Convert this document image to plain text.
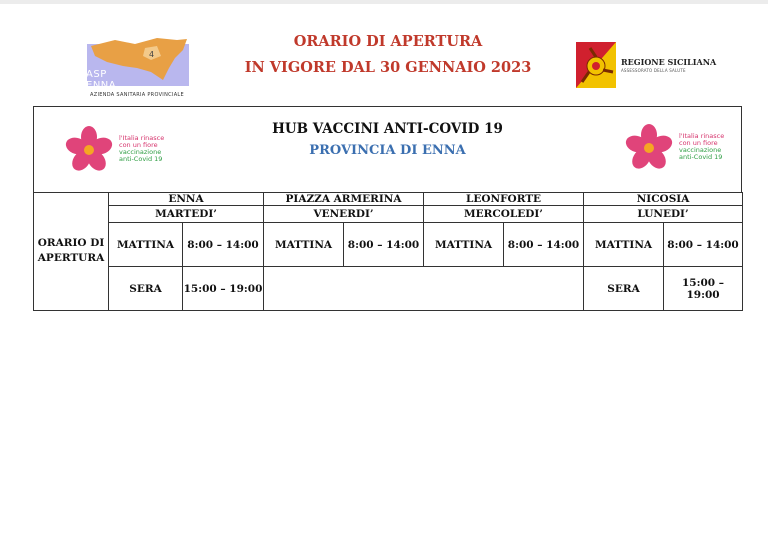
4
ASP
ENNA
AZIENDA SANITARIA PROVINCIALE
ORARIO DI APERTURA
IN VIGORE DAL 30 GENNAIO 2023	REGIONE SICILIANA
ASSESSORATO DELLA SALUTE
HUB VACCINI ANTI-COVID 19
PROVINCIA DI ENNA
l'Italia rinasce
con un fiore
vaccinazione
anti-Covid 19
l'Italia rinasce
con un fiore
vaccinazione
anti-Covid 19
ORARIO DI APERTURA	ENNA		PIAZZA ARMERINA		LEONFORTE		NICOSIA	
	MARTEDI’		VENERDI’		MERCOLEDI’		LUNEDI’	
	MATTINA	8:00 – 14:00	MATTINA	8:00 – 14:00	MATTINA	8:00 – 14:00	MATTINA	8:00 – 14:00
	SERA	15:00 – 19:00					SERA	15:00 – 19:00
